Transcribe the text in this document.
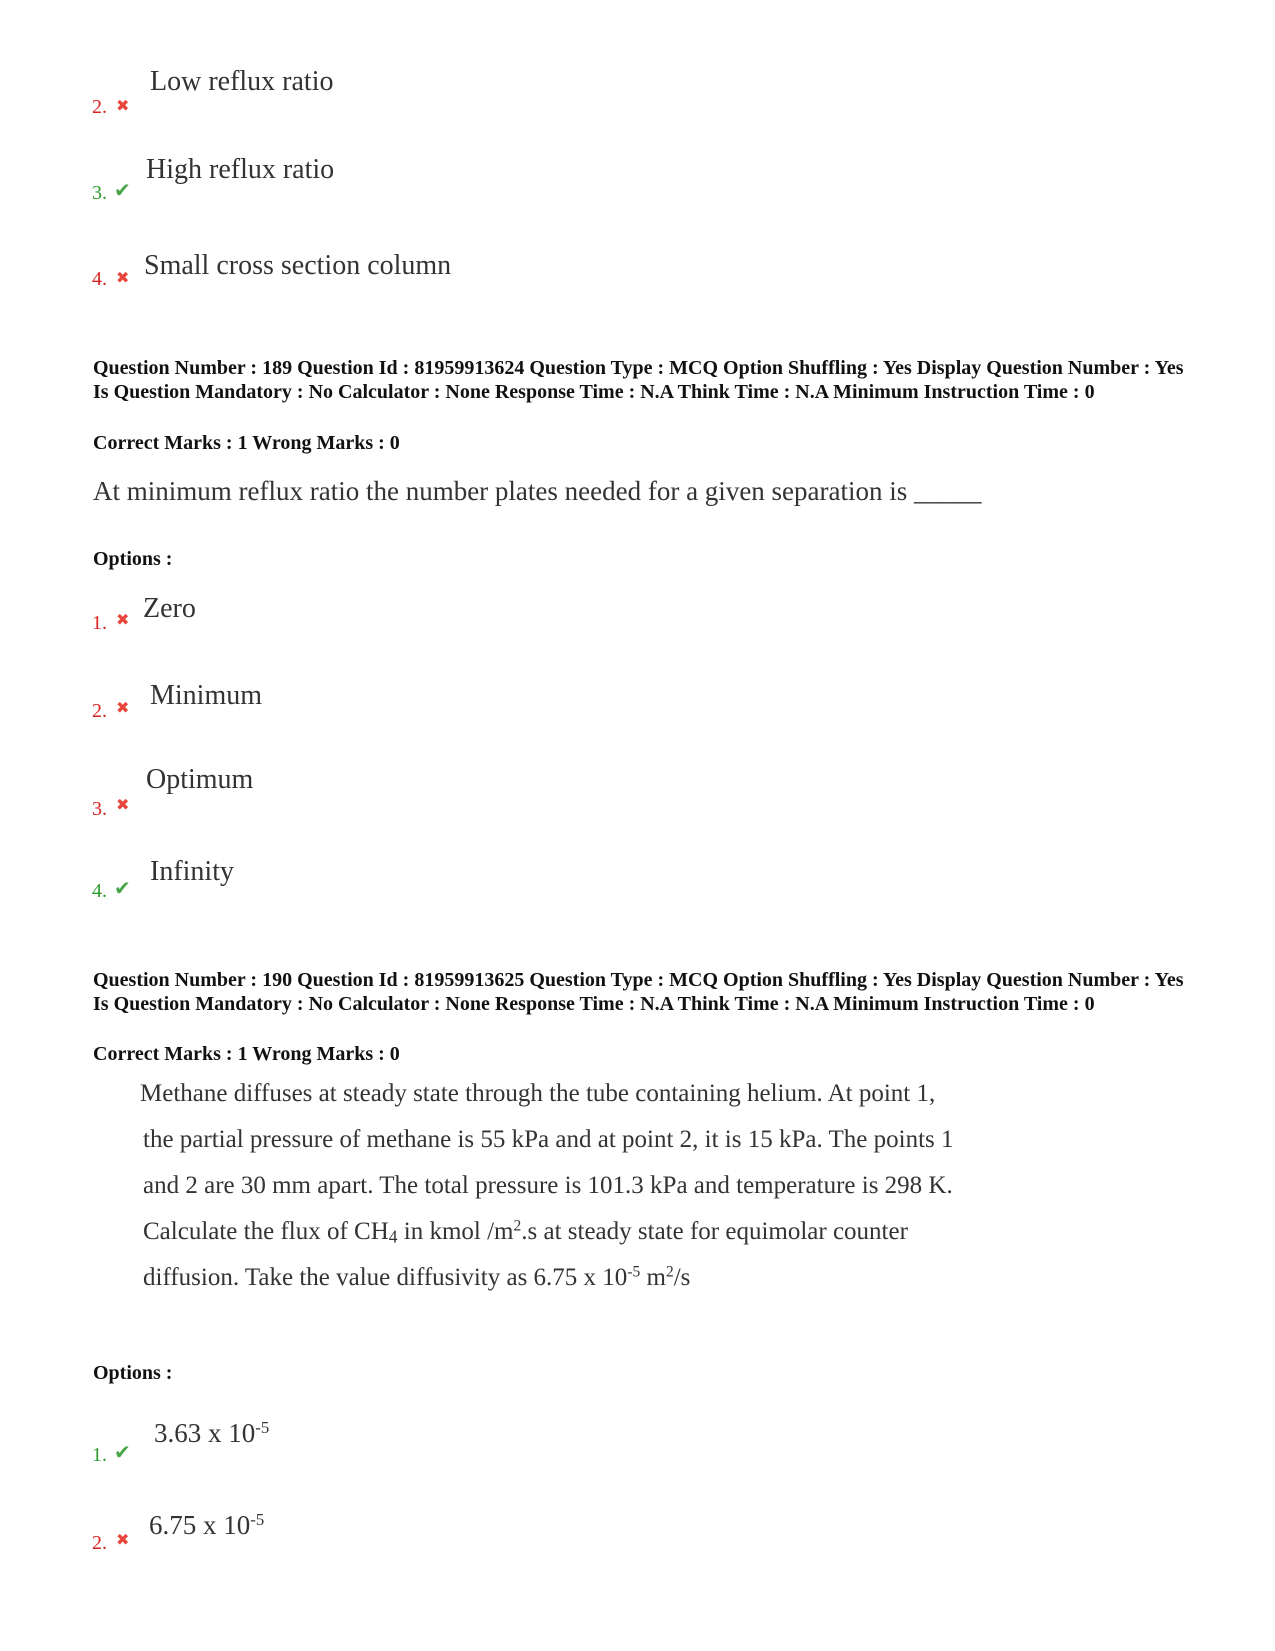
2. ✖
Low reflux ratio
3. ✔
High reflux ratio
4. ✖ Small cross section column
Question Number : 189 Question Id : 81959913624 Question Type : MCQ Option Shuffling : Yes Display Question Number : Yes Is Question Mandatory : No Calculator : None Response Time : N.A Think Time : N.A Minimum Instruction Time : 0
Correct Marks : 1 Wrong Marks : 0
At minimum reflux ratio the number plates needed for a given separation is _____
Options :
1. ✖ Zero
2. ✖ Minimum
3. ✖
Optimum
4. ✔
Infinity
Question Number : 190 Question Id : 81959913625 Question Type : MCQ Option Shuffling : Yes Display Question Number : Yes Is Question Mandatory : No Calculator : None Response Time : N.A Think Time : N.A Minimum Instruction Time : 0
Correct Marks : 1 Wrong Marks : 0
Methane diffuses at steady state through the tube containing helium. At point 1,
the partial pressure of methane is 55 kPa and at point 2, it is 15 kPa. The points 1
and 2 are 30 mm apart. The total pressure is 101.3 kPa and temperature is 298 K.
Calculate the flux of $CH_4$ in kmol $/m^2.s$ at steady state for equimolar counter
diffusion. Take the value diffusivity as 6.75 x $10^{-5}$ $m^2/s$
Options :
1. ✔
3.63 x $10^{-5}$
2. ✖ 6.75 x $10^{-5}$
